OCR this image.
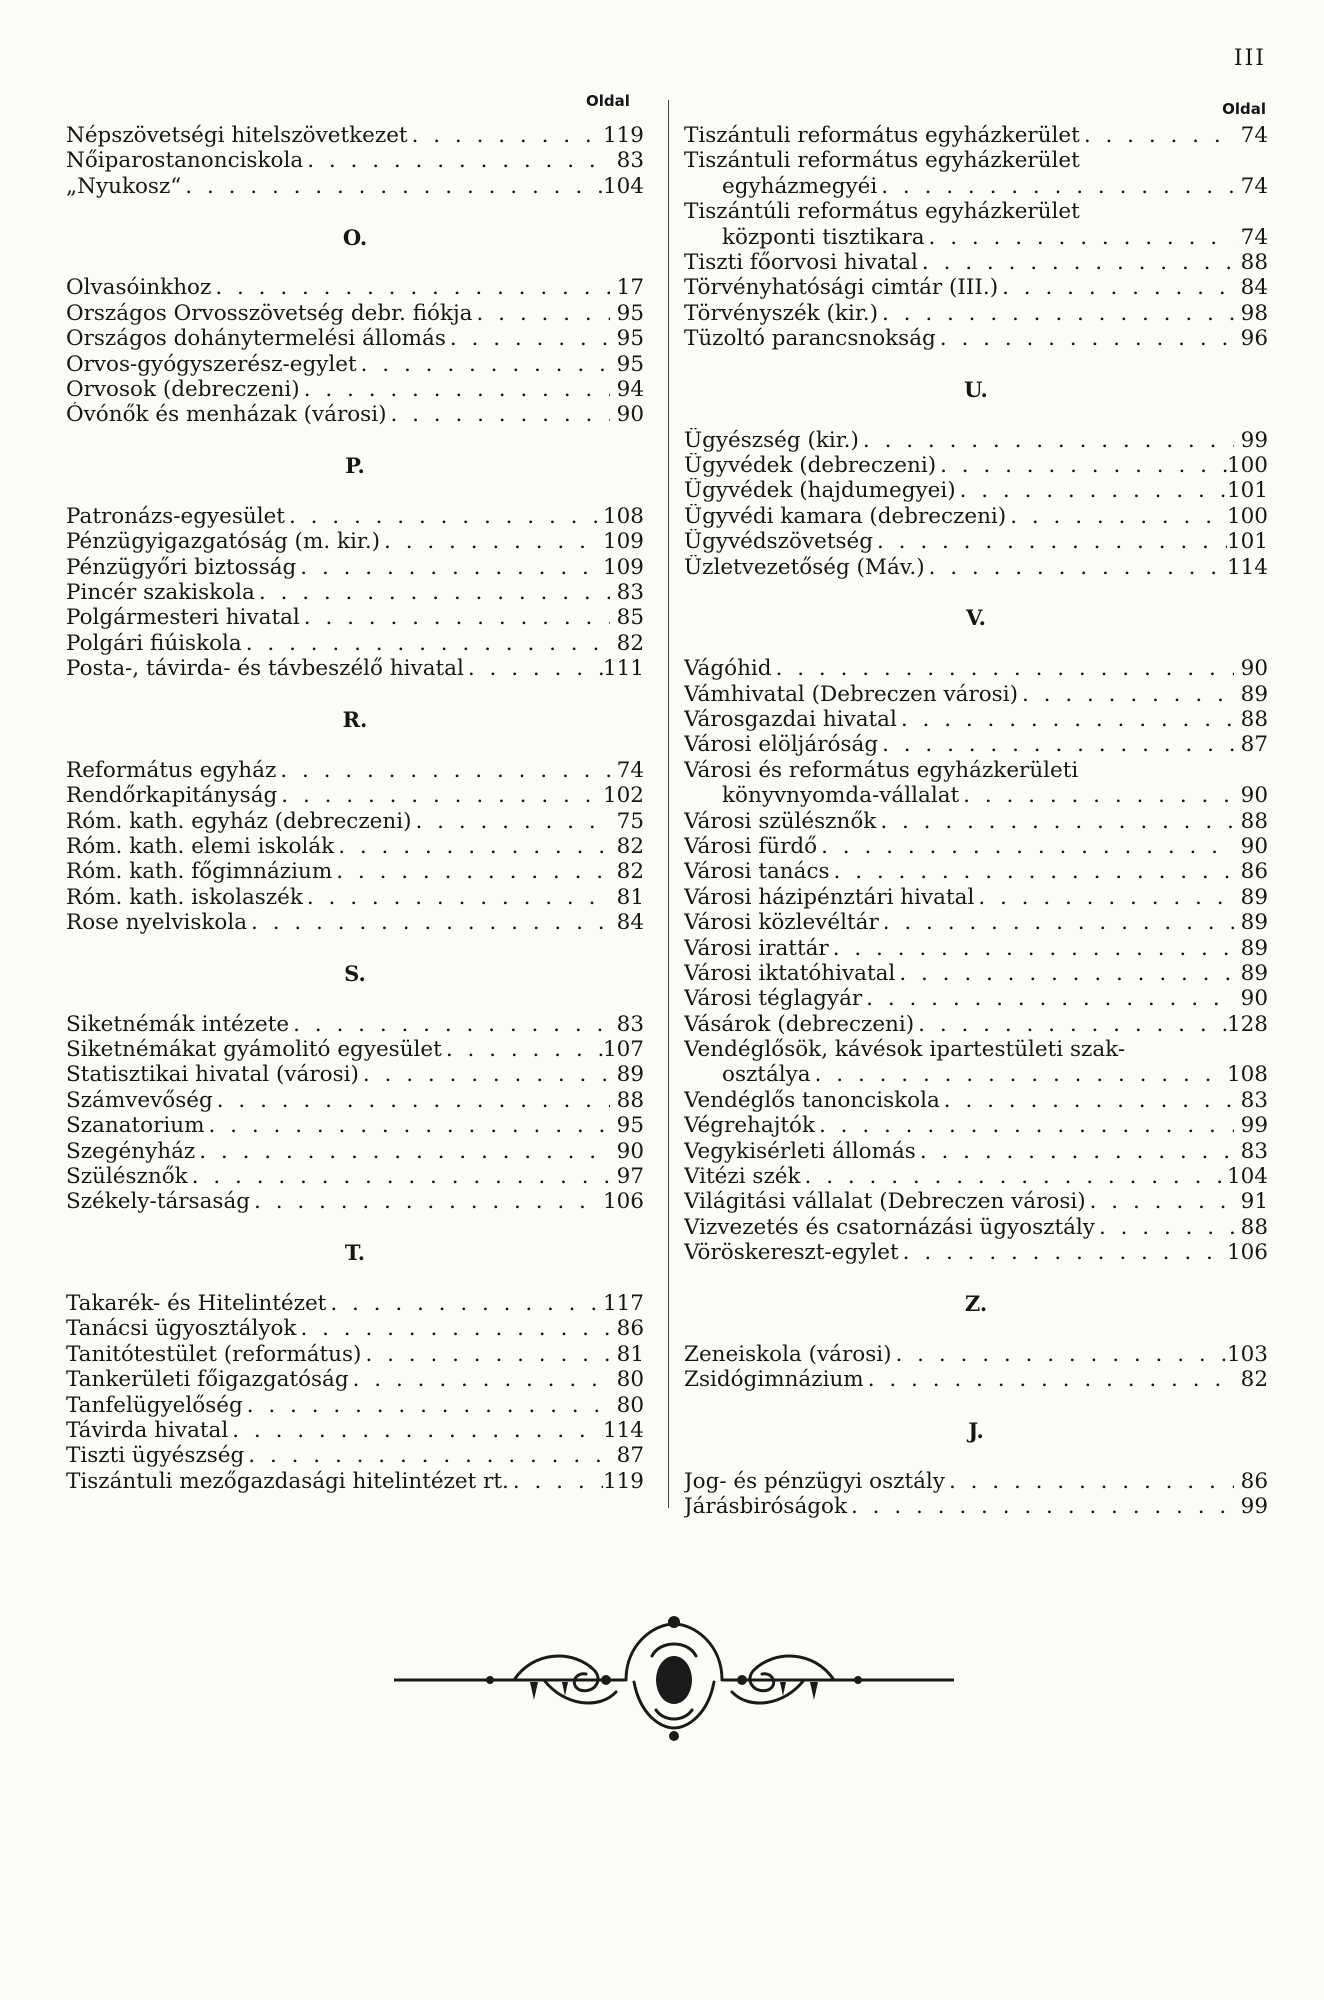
III
Oldal	Oldal
Népszövetségi hitelszövetkezet . . .	119
Nőiparostanonciskola . . .	83
„Nyukosz“ . . .	104
O.
Olvasóinkhoz . . .	17
Országos Orvosszövetség debr. fiókja . . .	95
Országos dohánytermelési állomás . . .	95
Orvos-gyógyszerész-egylet . . .	95
Orvosok (debreczeni) . . .	94
Óvónők és menházak (városi) . . .	90
P.
Patronázs-egyesület . . .	108
Pénzügyigazgatóság (m. kir.) . . .	109
Pénzügyőri biztosság . . .	109
Pincér szakiskola . . .	83
Polgármesteri hivatal . . .	85
Polgári fiúiskola . . .	82
Posta-, távirda- és távbeszélő hivatal . . .	111
R.
Református egyház . . .	74
Rendőrkapitányság . . .	102
Róm. kath. egyház (debreczeni) . . .	75
Róm. kath. elemi iskolák . . .	82
Róm. kath. főgimnázium . . .	82
Róm. kath. iskolaszék . . .	81
Rose nyelviskola . . .	84
S.
Siketnémák intézete . . .	83
Siketnémákat gyámolitó egyesület . . .	107
Statisztikai hivatal (városi) . . .	89
Számvevőség . . .	88
Szanatorium . . .	95
Szegényház . . .	90
Szülésznők . . .	97
Székely-társaság . . .	106
T.
Takarék- és Hitelintézet . . .	117
Tanácsi ügyosztályok . . .	86
Tanitótestület (református) . . .	81
Tankerületi főigazgatóság . . .	80
Tanfelügyelőség . . .	80
Távirda hivatal . . .	114
Tiszti ügyészség . . .	87
Tiszántuli mezőgazdasági hitelintézet rt. . . .	119
Tiszántuli református egyházkerület . . .	74
Tiszántuli református egyházkerület
egyházmegyéi . . .	74
Tiszántúli református egyházkerület
központi tisztikara . . .	74
Tiszti főorvosi hivatal . . .	88
Törvényhatósági cimtár (III.) . . .	84
Törvényszék (kir.) . . .	98
Tüzoltó parancsnokság . . .	96
U.
Ügyészség (kir.) . . .	99
Ügyvédek (debreczeni) . . .	100
Ügyvédek (hajdumegyei) . . .	101
Ügyvédi kamara (debreczeni) . . .	100
Ügyvédszövetség . . .	101
Üzletvezetőség (Máv.) . . .	114
V.
Vágóhid . . .	90
Vámhivatal (Debreczen városi) . . .	89
Városgazdai hivatal . . .	88
Városi elöljáróság . . .	87
Városi és református egyházkerületi
könyvnyomda-vállalat . . .	90
Városi szülésznők . . .	88
Városi fürdő . . .	90
Városi tanács . . .	86
Városi házipénztári hivatal . . .	89
Városi közlevéltár . . .	89
Városi irattár . . .	89
Városi iktatóhivatal . . .	89
Városi téglagyár . . .	90
Vásárok (debreczeni) . . .	128
Vendéglősök, kávésok ipartestületi szak-
osztálya . . .	108
Vendéglős tanonciskola . . .	83
Végrehajtók . . .	99
Vegykisérleti állomás . . .	83
Vitézi szék . . .	104
Világitási vállalat (Debreczen városi) . . .	91
Vizvezetés és csatornázási ügyosztály . . .	88
Vöröskereszt-egylet . . .	106
Z.
Zeneiskola (városi) . . .	103
Zsidógimnázium . . .	82
J.
Jog- és pénzügyi osztály . . .	86
Járásbiróságok . . .	99
